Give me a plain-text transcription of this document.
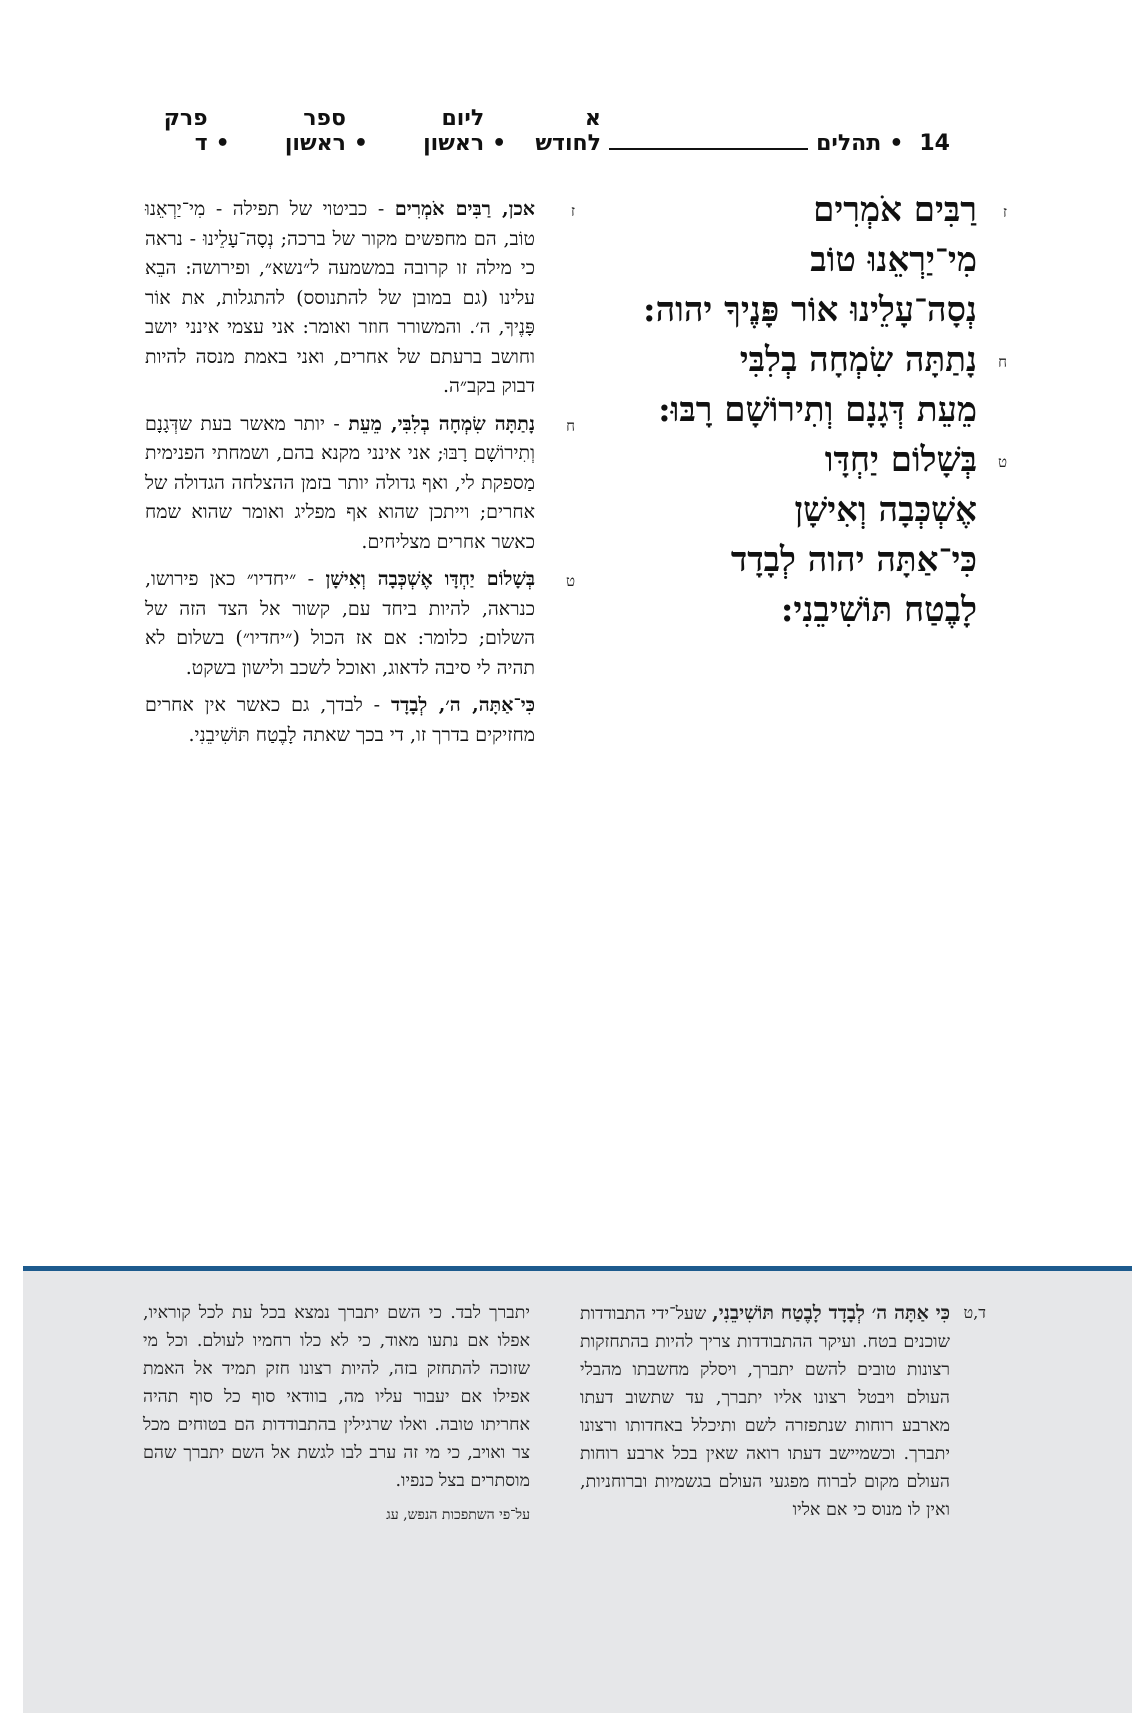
14
•
תהלים
א לחודש
•
ליום ראשון
•
ספר ראשון
•
פרק ד
ז
רַבִּים אֹמְרִים
מִי־יַרְאֵנוּ טוֹב
נְסָה־עָלֵינוּ אוֹר פָּנֶיךָ יהוה:
ח
נָתַתָּה שִׂמְחָה בְלִבִּי
מֵעֵת דְּגָנָם וְתִירוֹשָׁם רָבּוּ:
ט
בְּשָׁלוֹם יַחְדָּו
אֶשְׁכְּבָה וְאִישָׁן
כִּי־אַתָּה יהוה לְבָדָד
לָבֶטַח תּוֹשִׁיבֵנִי:
ז
אכן, רַבִּים אֹמְרִים - כביטוי של תפילה - מִי־יַרְאֵנוּ טוֹב, הם מחפשים מקור של ברכה; נְסָה־עָלֵינוּ - נראה כי מילה זו קרובה במשמעה ל״נשא״, ופירושה: הבֵא עלינו (גם במובן של להתנוסס) להתגלות, את אוֹר פָּנֶיךָ, ה׳. והמשורר חוזר ואומר: אני עצמי אינני יושב וחושב ברעתם של אחרים, ואני באמת מנסה להיות דבוק בקב״ה.
ח
נָתַתָּה שִׂמְחָה בְלִבִּי, מֵעֵת - יותר מאשר בעת שדְּגָנָם וְתִירוֹשָׁם רָבּוּ; אני אינני מקנא בהם, ושמחתי הפנימית מַספקת לי, ואף גדולה יותר בזמן ההצלחה הגדולה של אחרים; וייתכן שהוא אף מפליג ואומר שהוא שמח כאשר אחרים מצליחים.
ט
בְּשָׁלוֹם יַחְדָּו אֶשְׁכְּבָה וְאִישָׁן - ״יחדיו״ כאן פירושו, כנראה, להיות ביחד עם, קשור אל הצד הזה של השלום; כלומר: אם אז הכול (״יחדיו״) בשלום לא תהיה לי סיבה לדאוג, ואוכל לשכב ולישון בשקט.
כִּי־אַתָּה, ה׳, לְבָדָד - לבדך, גם כאשר אין אחרים מחזיקים בדרך זו, די בכך שאתה לָבֶטַח תּוֹשִׁיבֵנִי.
ד,ט
כִּי אַתָּה ה׳ לְבָדָד לָבֶטַח תּוֹשִׁיבֵנִי, שעל־ידי התבודדות שוכנים בטח. ועיקר ההתבודדות צריך להיות בהתחזקות רצונות טובים להשם יתברך, ויסלק מחשבתו מהבלי העולם ויבטל רצונו אליו יתברך, עד שתשוב דעתו מארבע רוחות שנתפזרה לשם ותיכלל באחדותו ורצונו יתברך. וכשמיישב דעתו רואה שאין בכל ארבע רוחות העולם מקום לברוח מפגעי העולם בגשמיות וברוחניות, ואין לו מנוס כי אם אליו
יתברך לבד. כי השם יתברך נמצא בכל עת לכל קוראיו, אפלו אם נתעו מאוד, כי לא כלו רחמיו לעולם. וכל מי שזוכה להתחזק בזה, להיות רצונו חזק תמיד אל האמת אפילו אם יעבור עליו מה, בוודאי סוף כל סוף תהיה אחריתו טובה. ואלו שרגילין בהתבודדות הם בטוחים מכל צר ואויב, כי מי זה ערב לבו לגשת אל השם יתברך שהם מוסתרים בצל כנפיו.
על־פי השתפכות הנפש, עג
